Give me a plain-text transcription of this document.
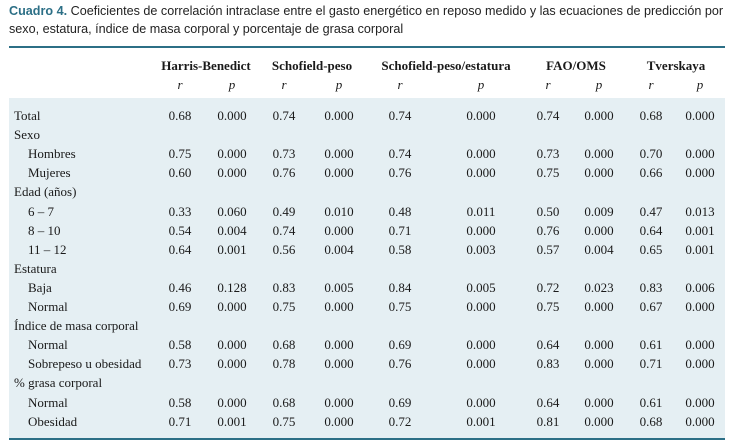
Cuadro 4. Coeficientes de correlación intraclase entre el gasto energético en reposo medido y las ecuaciones de predicción por sexo, estatura, índice de masa corporal y porcentaje de grasa corporal
Harris-Benedict
r	p
Schofield-peso
r	p
Schofield-peso/estatura
r	p
FAO/OMS
r	p
Tverskaya
r	p
Total	0.68 0.000 0.74 0.000	0.74	0.000	0.74 0.000 0.68 0.000
Sexo
Hombres	0.75 0.000 0.73 0.000	0.74	0.000	0.73 0.000 0.70 0.000
Mujeres	0.60 0.000 0.76 0.000	0.76	0.000	0.75 0.000 0.66 0.000
Edad (años)
6 – 7	0.33 0.060 0.49 0.010	0.48	0.011	0.50 0.009 0.47 0.013
8 – 10	0.54 0.004 0.74 0.000	0.71	0.000	0.76 0.000 0.64 0.001
11 – 12	0.64 0.001 0.56 0.004	0.58	0.003	0.57 0.004 0.65 0.001
Estatura
Baja	0.46 0.128 0.83 0.005	0.84	0.005	0.72 0.023 0.83 0.006
Normal	0.69 0.000 0.75 0.000	0.75	0.000	0.75 0.000 0.67 0.000
Índice de masa corporal
Normal	0.58 0.000 0.68 0.000	0.69	0.000	0.64 0.000 0.61 0.000
Sobrepeso u obesidad 0.73 0.000 0.78 0.000	0.76	0.000	0.83 0.000 0.71 0.000
% grasa corporal
Normal	0.58 0.000 0.68 0.000	0.69	0.000	0.64 0.000 0.61 0.000
Obesidad	0.71 0.001 0.75 0.000	0.72	0.001	0.81 0.000 0.68 0.000
